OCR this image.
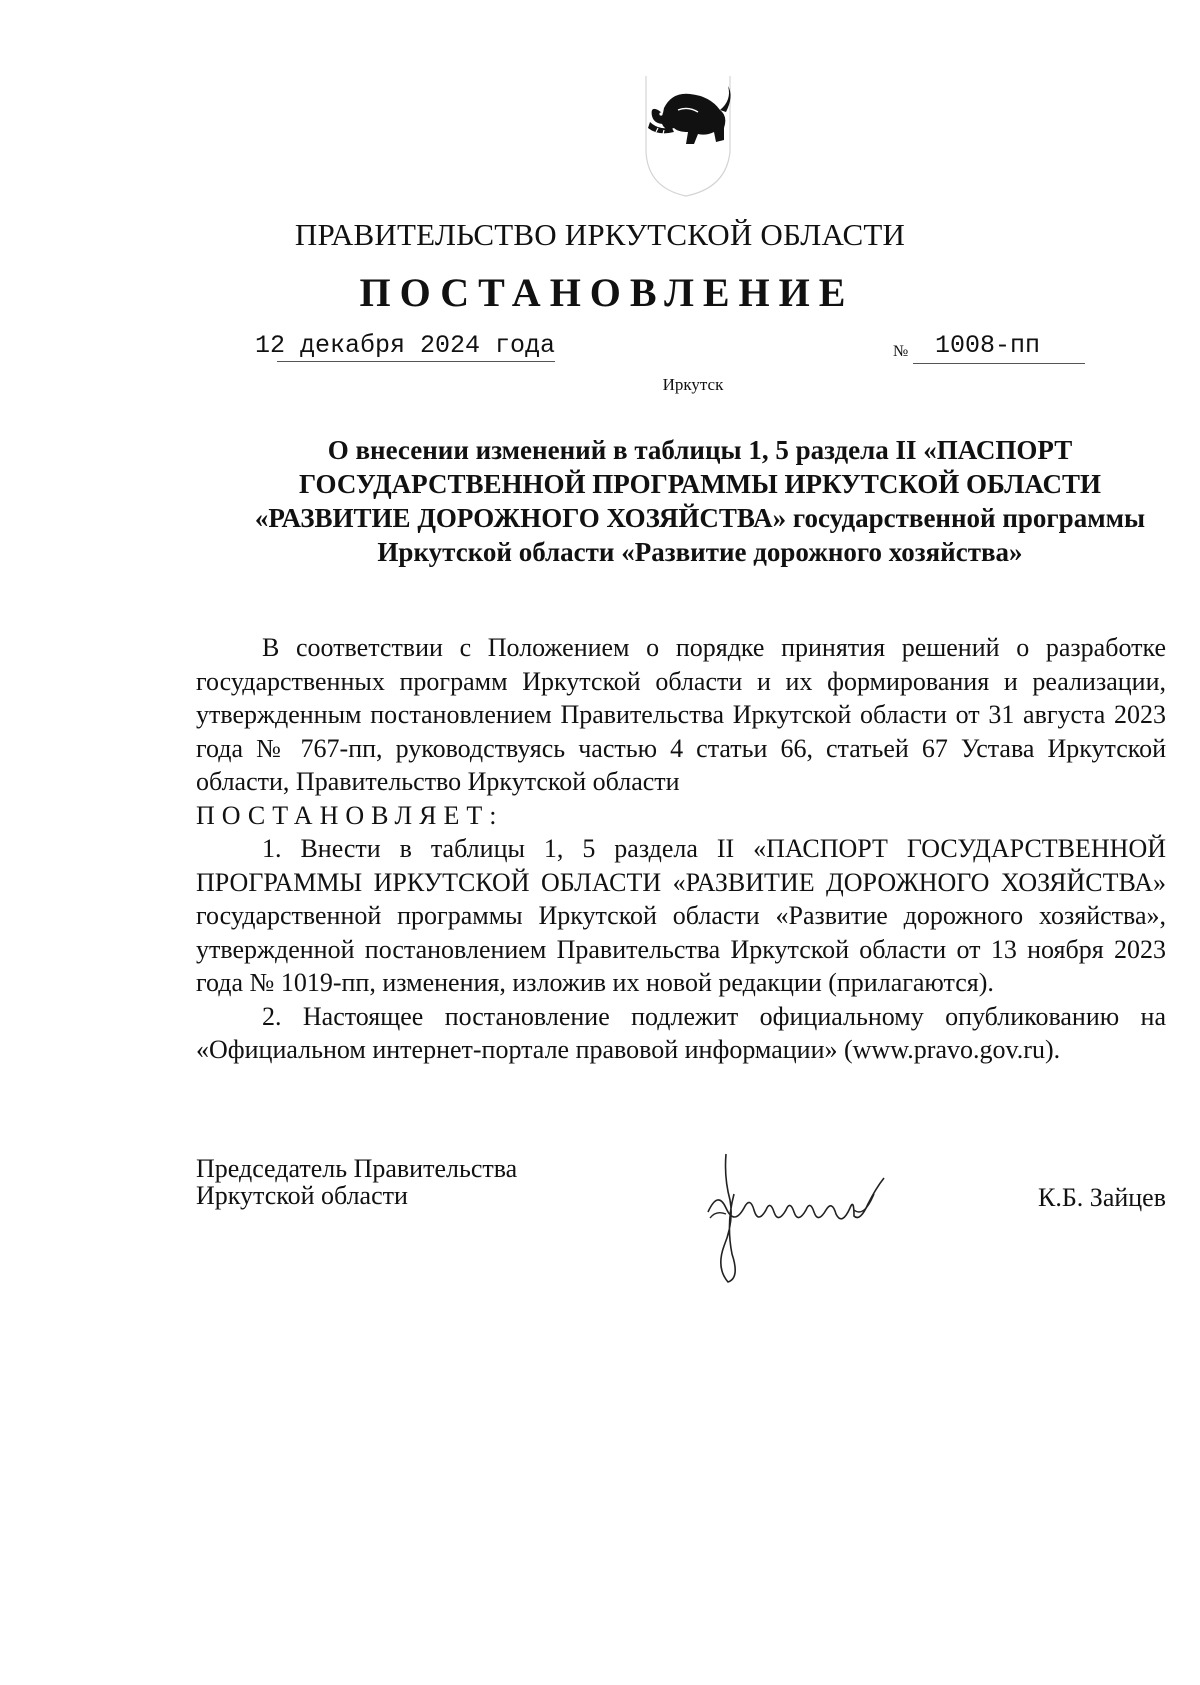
ПРАВИТЕЛЬСТВО ИРКУТСКОЙ ОБЛАСТИ
ПОСТАНОВЛЕНИЕ
12 декабря 2024 года	№ 1008-пп
Иркутск
О внесении изменений в таблицы 1, 5 раздела II «ПАСПОРТ
ГОСУДАРСТВЕННОЙ ПРОГРАММЫ ИРКУТСКОЙ ОБЛАСТИ
«РАЗВИТИЕ ДОРОЖНОГО ХОЗЯЙСТВА» государственной программы
Иркутской области «Развитие дорожного хозяйства»

В соответствии с Положением о порядке принятия решений о разработке государственных программ Иркутской области и их формирования и реализации, утвержденным постановлением Правительства Иркутской области от 31 августа 2023 года № 767-пп, руководствуясь частью 4 статьи 66, статьей 67 Устава Иркутской области, Правительство Иркутской области

ПОСТАНОВЛЯЕТ:

1. Внести в таблицы 1, 5 раздела II «ПАСПОРТ ГОСУДАРСТВЕННОЙ ПРОГРАММЫ ИРКУТСКОЙ ОБЛАСТИ «РАЗВИТИЕ ДОРОЖНОГО ХОЗЯЙСТВА» государственной программы Иркутской области «Развитие дорожного хозяйства», утвержденной постановлением Правительства Иркутской области от 13 ноября 2023 года № 1019-пп, изменения, изложив их новой редакции (прилагаются).

2. Настоящее постановление подлежит официальному опубликованию на «Официальном интернет-портале правовой информации» (www.pravo.gov.ru).

Председатель Правительства
Иркутской области	К.Б. Зайцев
